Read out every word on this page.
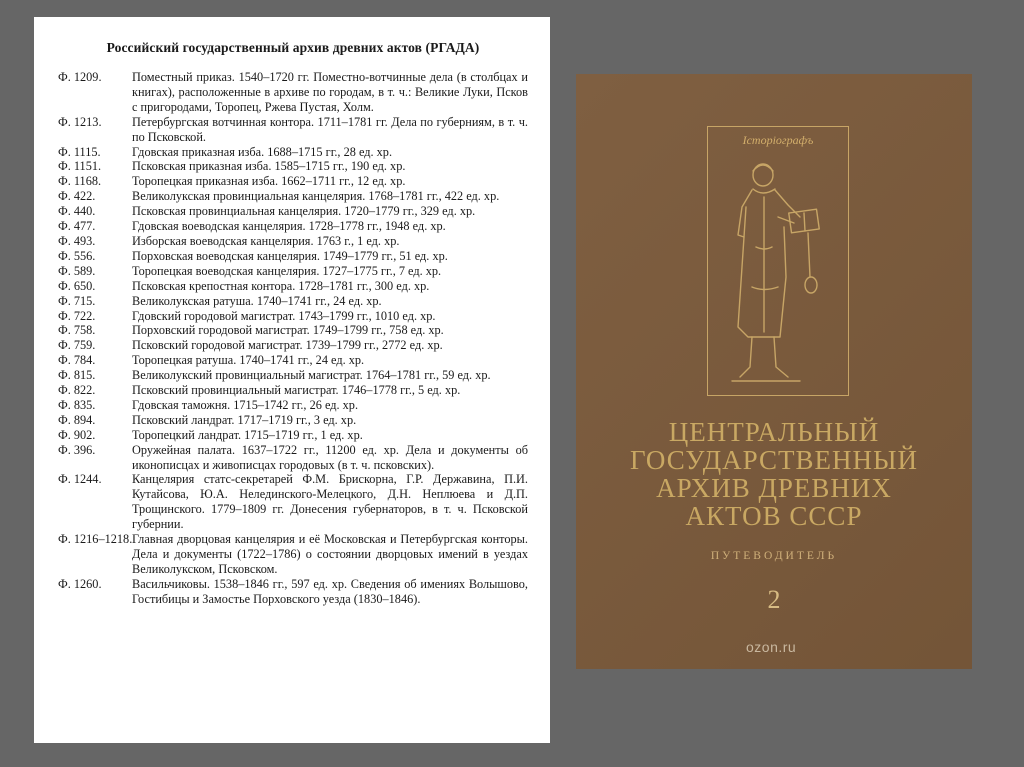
Российский государственный архив древних актов (РГАДА)
Ф. 1209.	Поместный приказ. 1540–1720 гг. Поместно-вотчинные дела (в столбцах и книгах), расположенные в архиве по городам, в т. ч.: Великие Луки, Псков с пригородами, Торопец, Ржева Пустая, Холм.
Ф. 1213.	Петербургская вотчинная контора. 1711–1781 гг. Дела по губерниям, в т. ч. по Псковской.
Ф. 1115.	Гдовская приказная изба. 1688–1715 гг., 28 ед. хр.
Ф. 1151.	Псковская приказная изба. 1585–1715 гг., 190 ед. хр.
Ф. 1168.	Торопецкая приказная изба. 1662–1711 гг., 12 ед. хр.
Ф. 422.	Великолукская провинциальная канцелярия. 1768–1781 гг., 422 ед. хр.
Ф. 440.	Псковская провинциальная канцелярия. 1720–1779 гг., 329 ед. хр.
Ф. 477.	Гдовская воеводская канцелярия. 1728–1778 гг., 1948 ед. хр.
Ф. 493.	Изборская воеводская канцелярия. 1763 г., 1 ед. хр.
Ф. 556.	Порховская воеводская канцелярия. 1749–1779 гг., 51 ед. хр.
Ф. 589.	Торопецкая воеводская канцелярия. 1727–1775 гг., 7 ед. хр.
Ф. 650.	Псковская крепостная контора. 1728–1781 гг., 300 ед. хр.
Ф. 715.	Великолукская ратуша. 1740–1741 гг., 24 ед. хр.
Ф. 722.	Гдовский городовой магистрат. 1743–1799 гг., 1010 ед. хр.
Ф. 758.	Порховский городовой магистрат. 1749–1799 гг., 758 ед. хр.
Ф. 759.	Псковский городовой магистрат. 1739–1799 гг., 2772 ед. хр.
Ф. 784.	Торопецкая ратуша. 1740–1741 гг., 24 ед. хр.
Ф. 815.	Великолукский провинциальный магистрат. 1764–1781 гг., 59 ед. хр.
Ф. 822.	Псковский провинциальный магистрат. 1746–1778 гг., 5 ед. хр.
Ф. 835.	Гдовская таможня. 1715–1742 гг., 26 ед. хр.
Ф. 894.	Псковский ландрат. 1717–1719 гг., 3 ед. хр.
Ф. 902.	Торопецкий ландрат. 1715–1719 гг., 1 ед. хр.
Ф. 396.	Оружейная палата. 1637–1722 гг., 11200 ед. хр. Дела и документы об иконописцах и живописцах городовых (в т. ч. псковских).
Ф. 1244.	Канцелярия статс-секретарей Ф.М. Брискорна, Г.Р. Державина, П.И. Кутайсова, Ю.А. Нелединского-Мелецкого, Д.Н. Неплюева и Д.П. Трощинского. 1779–1809 гг. Донесения губернаторов, в т. ч. Псковской губернии.
Ф. 1216–1218. Главная дворцовая канцелярия и её Московская и Петербургская конторы. Дела и документы (1722–1786) о состоянии дворцовых имений в уездах Великолукском, Псковском.
Ф. 1260.	Васильчиковы. 1538–1846 гг., 597 ед. хр. Сведения об имениях Волышово, Гостибицы и Замостье Порховского уезда (1830–1846).
Історіографъ
ЦЕНТРАЛЬНЫЙ
ГОСУДАРСТВЕННЫЙ
АРХИВ ДРЕВНИХ
АКТОВ СССР
ПУТЕВОДИТЕЛЬ
2
ozon.ru
